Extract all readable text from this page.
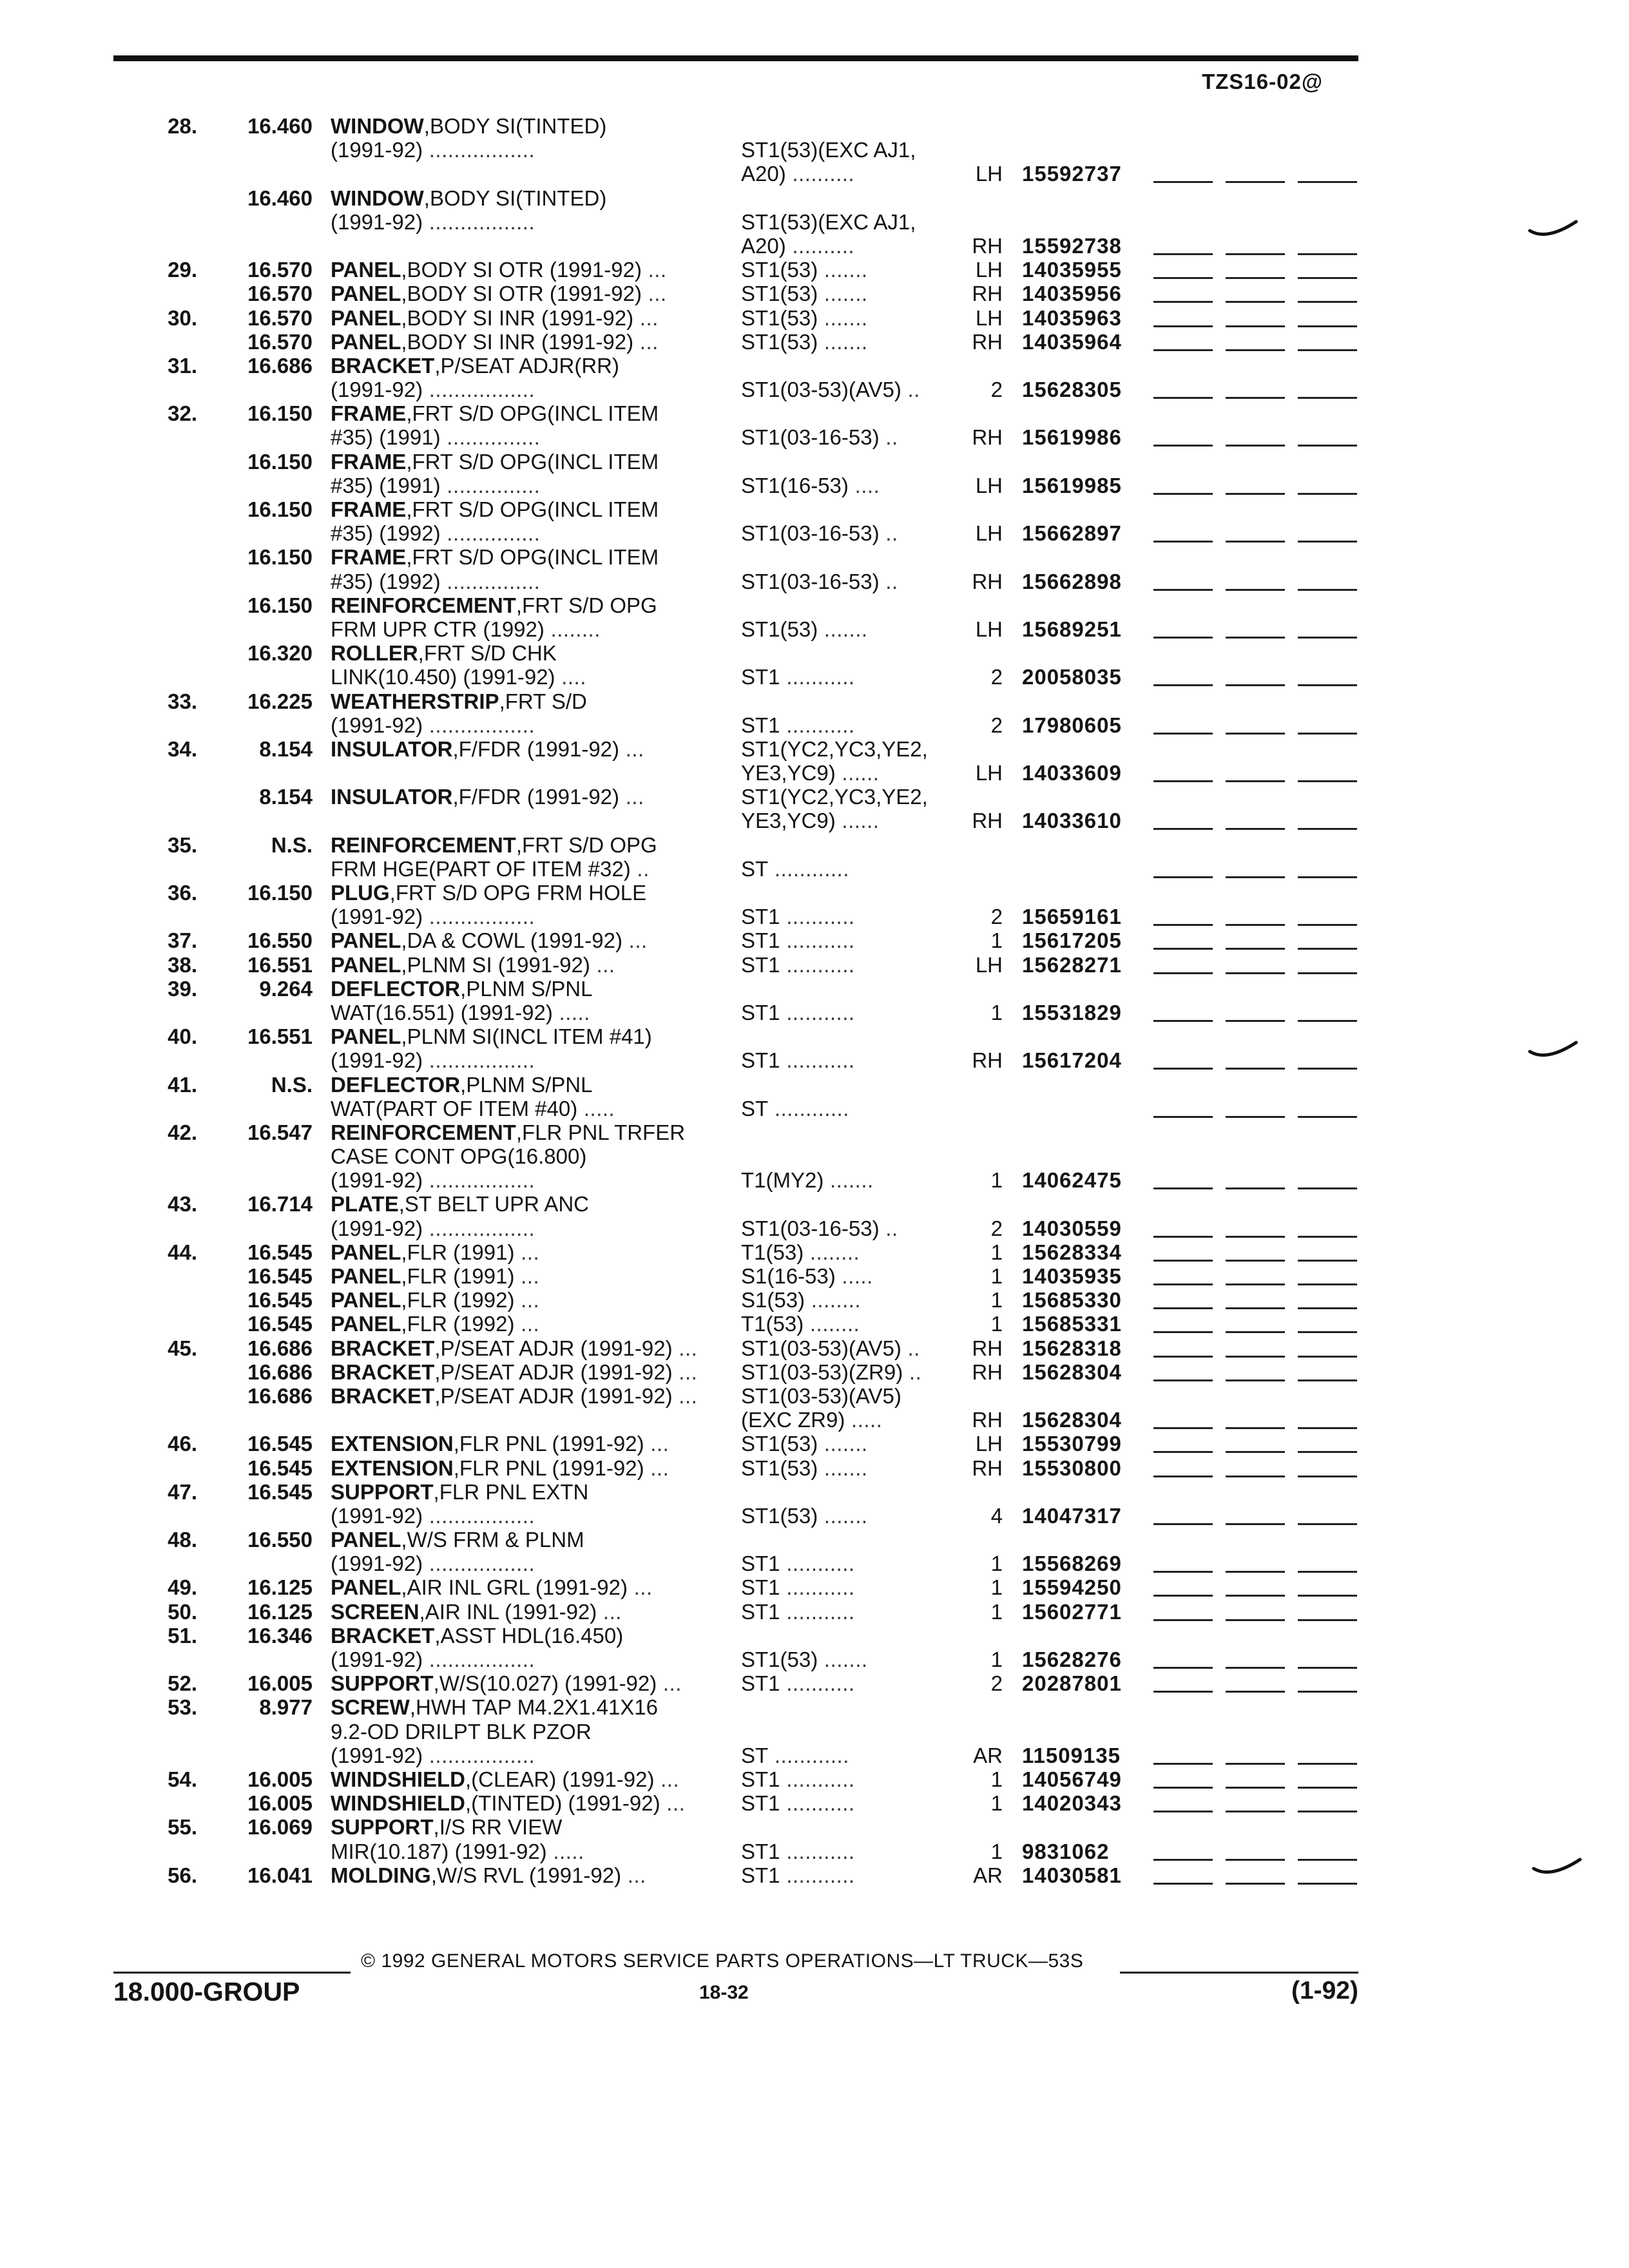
TZS16-02@
28.	16.460 WINDOW,BODY SI(TINTED)
(1991-92) .................	ST1(53)(EXC AJ1,
A20) ..........	LH 15592737
16.460 WINDOW,BODY SI(TINTED)
(1991-92) .................	ST1(53)(EXC AJ1,
A20) ..........	RH 15592738
29.	16.570 PANEL,BODY SI OTR (1991-92) ...	ST1(53) .......	LH 14035955
16.570 PANEL,BODY SI OTR (1991-92) ...	ST1(53) .......	RH 14035956
30.	16.570 PANEL,BODY SI INR (1991-92) ...	ST1(53) .......	LH 14035963
16.570 PANEL,BODY SI INR (1991-92) ...	ST1(53) .......	RH 14035964
31.	16.686 BRACKET,P/SEAT ADJR(RR)
(1991-92) .................	ST1(03-53)(AV5) ..	2 15628305
32.	16.150 FRAME,FRT S/D OPG(INCL ITEM
#35) (1991) ...............	ST1(03-16-53) ..	RH 15619986
16.150 FRAME,FRT S/D OPG(INCL ITEM
#35) (1991) ...............	ST1(16-53) ....	LH 15619985
16.150 FRAME,FRT S/D OPG(INCL ITEM
#35) (1992) ...............	ST1(03-16-53) ..	LH 15662897
16.150 FRAME,FRT S/D OPG(INCL ITEM
#35) (1992) ...............	ST1(03-16-53) ..	RH 15662898
16.150 REINFORCEMENT,FRT S/D OPG
FRM UPR CTR (1992) ........	ST1(53) .......	LH 15689251
16.320 ROLLER,FRT S/D CHK
LINK(10.450) (1991-92) ....	ST1 ...........	2 20058035
33.	16.225 WEATHERSTRIP,FRT S/D
(1991-92) .................	ST1 ...........	2 17980605
34.	8.154 INSULATOR,F/FDR (1991-92) ...	ST1(YC2,YC3,YE2,
YE3,YC9) ......	LH 14033609
8.154 INSULATOR,F/FDR (1991-92) ...	ST1(YC2,YC3,YE2,
YE3,YC9) ......	RH 14033610
35.	N.S. REINFORCEMENT,FRT S/D OPG
FRM HGE(PART OF ITEM #32) ..	ST ............
36.	16.150 PLUG,FRT S/D OPG FRM HOLE
(1991-92) .................	ST1 ...........	2 15659161
37.	16.550 PANEL,DA & COWL (1991-92) ...	ST1 ...........	1 15617205
38.	16.551 PANEL,PLNM SI (1991-92) ...	ST1 ...........	LH 15628271
39.	9.264 DEFLECTOR,PLNM S/PNL
WAT(16.551) (1991-92) .....	ST1 ...........	1 15531829
40.	16.551 PANEL,PLNM SI(INCL ITEM #41)
(1991-92) .................	ST1 ...........	RH 15617204
41.	N.S. DEFLECTOR,PLNM S/PNL
WAT(PART OF ITEM #40) .....	ST ............
42.	16.547 REINFORCEMENT,FLR PNL TRFER
CASE CONT OPG(16.800)
(1991-92) .................	T1(MY2) .......	1 14062475
43.	16.714 PLATE,ST BELT UPR ANC
(1991-92) .................	ST1(03-16-53) ..	2 14030559
44.	16.545 PANEL,FLR (1991) ...	T1(53) ........	1 15628334
16.545 PANEL,FLR (1991) ...	S1(16-53) .....	1 14035935
16.545 PANEL,FLR (1992) ...	S1(53) ........	1 15685330
16.545 PANEL,FLR (1992) ...	T1(53) ........	1 15685331
45.	16.686 BRACKET,P/SEAT ADJR (1991-92) ... ST1(03-53)(AV5) ..	RH 15628318
16.686 BRACKET,P/SEAT ADJR (1991-92) ... ST1(03-53)(ZR9) ..	RH 15628304
16.686 BRACKET,P/SEAT ADJR (1991-92) ... ST1(03-53)(AV5)
(EXC ZR9) .....	RH 15628304
46.	16.545 EXTENSION,FLR PNL (1991-92) ...	ST1(53) .......	LH 15530799
16.545 EXTENSION,FLR PNL (1991-92) ...	ST1(53) .......	RH 15530800
47.	16.545 SUPPORT,FLR PNL EXTN
(1991-92) .................	ST1(53) .......	4 14047317
48.	16.550 PANEL,W/S FRM & PLNM
(1991-92) .................	ST1 ...........	1 15568269
49.	16.125 PANEL,AIR INL GRL (1991-92) ...	ST1 ...........	1 15594250
50.	16.125 SCREEN,AIR INL (1991-92) ...	ST1 ...........	1 15602771
51.	16.346 BRACKET,ASST HDL(16.450)
(1991-92) .................	ST1(53) .......	1 15628276
52.	16.005 SUPPORT,W/S(10.027) (1991-92) ...	ST1 ...........	2 20287801
53.	8.977 SCREW,HWH TAP M4.2X1.41X16
9.2-OD DRILPT BLK PZOR
(1991-92) .................	ST ............	AR 11509135
54.	16.005 WINDSHIELD,(CLEAR) (1991-92) ...	ST1 ...........	1 14056749
16.005 WINDSHIELD,(TINTED) (1991-92) ...	ST1 ...........	1 14020343
55.	16.069 SUPPORT,I/S RR VIEW
MIR(10.187) (1991-92) .....	ST1 ...........	1 9831062
56.	16.041 MOLDING,W/S RVL (1991-92) ...	ST1 ...........	AR 14030581
© 1992 GENERAL MOTORS SERVICE PARTS OPERATIONS—LT TRUCK—53S
18.000-GROUP	18-32	(1-92)
